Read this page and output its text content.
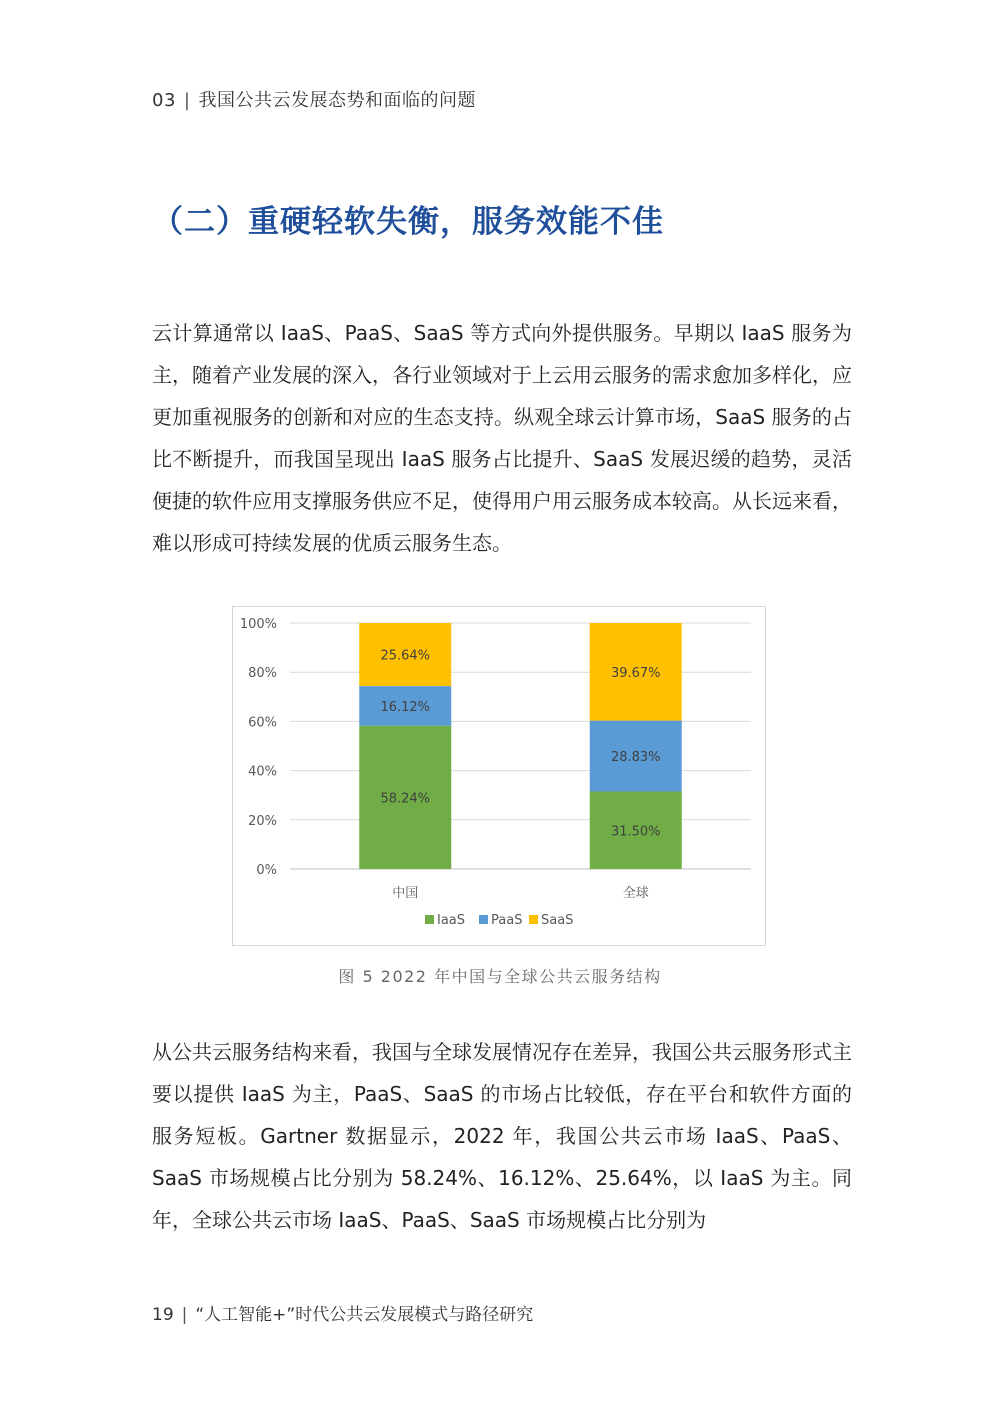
03 | 我国公共云发展态势和面临的问题
（二）重硬轻软失衡，服务效能不佳

云计算通常以 IaaS、PaaS、SaaS 等方式向外提供服务。早期以 IaaS 服务为主，随着产业发展的深入，各行业领域对于上云用云服务的需求愈加多样化，应更加重视服务的创新和对应的生态支持。纵观全球云计算市场，SaaS 服务的占比不断提升，而我国呈现出 IaaS 服务占比提升、SaaS 发展迟缓的趋势，灵活便捷的软件应用支撑服务供应不足，使得用户用云服务成本较高。从长远来看，难以形成可持续发展的优质云服务生态。

0%
20%
40%
60%
80%
100%
58.24%
16.12%
25.64%
中国
31.50%
28.83%
39.67%
全球
IaaS PaaS SaaS
图 5 2022 年中国与全球公共云服务结构

从公共云服务结构来看，我国与全球发展情况存在差异，我国公共云服务形式主要以提供 IaaS 为主，PaaS、SaaS 的市场占比较低，存在平台和软件方面的服务短板。Gartner 数据显示，2022 年，我国公共云市场 IaaS、PaaS、SaaS 市场规模占比分别为 58.24%、16.12%、25.64%，以 IaaS 为主。同年，全球公共云市场 IaaS、PaaS、SaaS 市场规模占比分别为

19 | “人工智能+”时代公共云发展模式与路径研究
